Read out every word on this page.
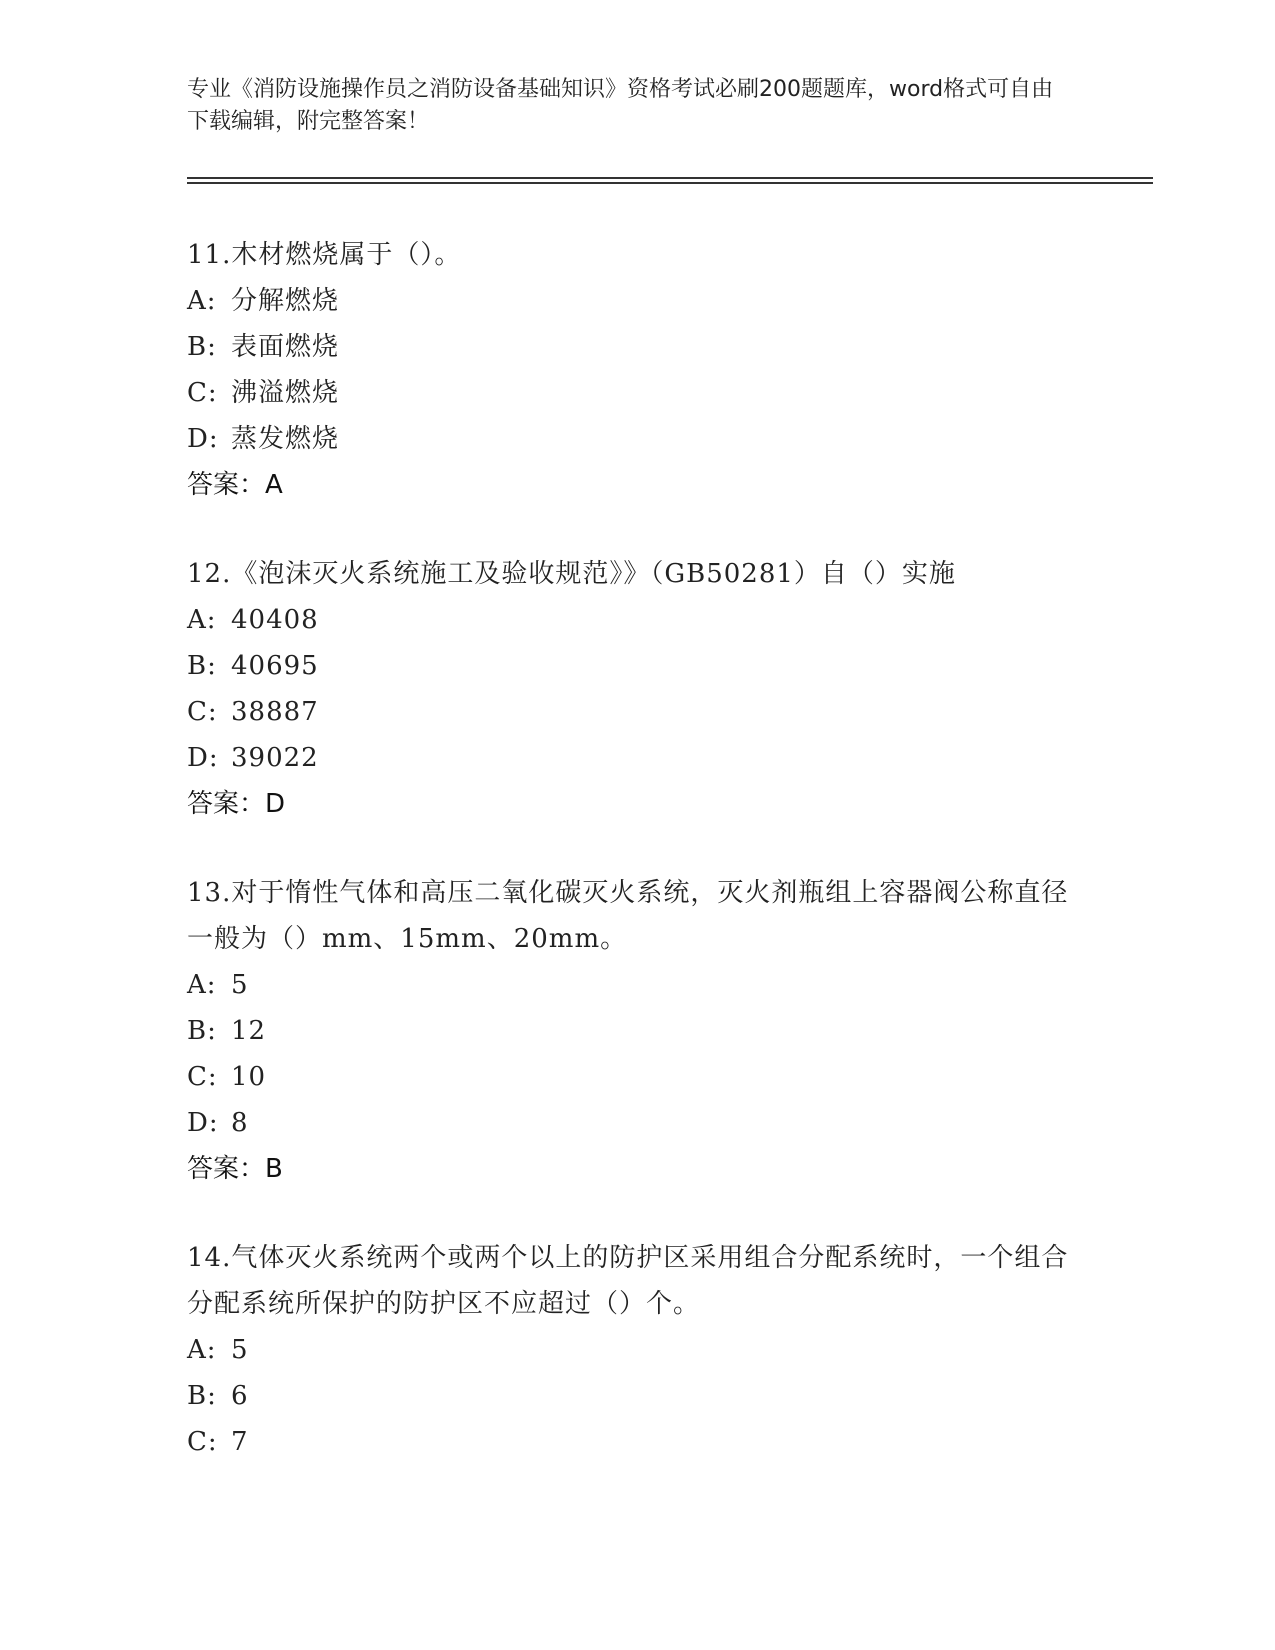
专业《消防设施操作员之消防设备基础知识》资格考试必刷200题题库，word格式可自由下载编辑，附完整答案！

11.木材燃烧属于（）。

A: 分解燃烧

B: 表面燃烧

C: 沸溢燃烧

D: 蒸发燃烧

答案：A

12.《泡沫灭火系统施工及验收规范》》（GB50281）自（）实施

A: 40408

B: 40695

C: 38887

D: 39022

答案：D

13.对于惰性气体和高压二氧化碳灭火系统，灭火剂瓶组上容器阀公称直径一般为（）mm、15mm、20mm。

A: 5

B: 12

C: 10

D: 8

答案：B

14.气体灭火系统两个或两个以上的防护区采用组合分配系统时，一个组合分配系统所保护的防护区不应超过（）个。

A: 5

B: 6

C: 7
